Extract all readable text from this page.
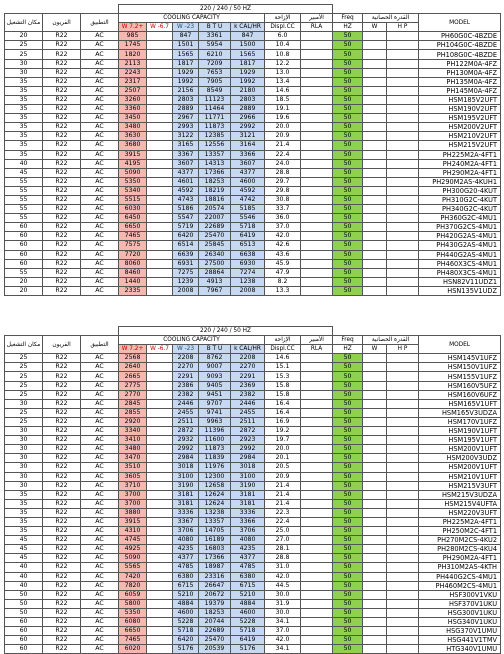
			220 / 240 / 50 HZ										
مكان التشغيل	الفريون	التطبيق	COOLING CAPACITY					الإزاحة	الأمبير	Freq	القدرة الحصانية		MODEL
			W 7.2+	W -6.7	W -23	B T U	k CAL/HR	Displ.CC	RLA	HZ	W	H P	
20	R22	AC	985		847	3361	847	6.0		50			PH60G0C-4BZDE
25	R22	AC	1745		1501	5954	1500	10.4		50			PH104G0C-4BZDE
25	R22	AC	1820		1565	6210	1565	10.8		50			PH108G0C-4BZDE
30	R22	AC	2113		1817	7209	1817	12.2		50			PH122M0A-4FZ
30	R22	AC	2243		1929	7653	1929	13.0		50			PH130M0A-4FZ
35	R22	AC	2317		1992	7905	1992	13.4		50			PH135M0A-4FZ
35	R22	AC	2507		2156	8549	2180	14.6		50			PH145M0A-4FZ
35	R22	AC	3260		2803	11123	2803	18.5		50			HSM185V2UFT
35	R22	AC	3360		2889	11464	2889	19.1		50			HSM190V2UFT
35	R22	AC	3450		2967	11771	2966	19.6		50			HSM195V2UFT
35	R22	AC	3480		2993	11873	2992	20.0		50			HSM200V2UFT
35	R22	AC	3630		3122	12385	3121	20.9		50			HSM210V2UFT
35	R22	AC	3680		3165	12556	3164	21.4		50			HSM215V2UFT
35	R22	AC	3915		3367	13357	3366	22.4		50			PH225M2A-4FT1
40	R22	AC	4195		3607	14313	3607	24.0		50			PH240M2A-4FT1
45	R22	AC	5090		4377	17366	4377	28.8		50			PH290M2A-4FT1
55	R22	AC	5350		4601	18253	4600	29.7		50			PH290M2AS-4KUH1
55	R22	AC	5340		4592	18219	4592	29.8		50			PH300G20-4KUT
55	R22	AC	5515		4743	18816	4742	30.8		50			PH310G2C-4KUT
55	R22	AC	6030		5186	20574	5185	33.7		50			PH340G2C-4KUT
55	R22	AC	6450		5547	22007	5546	36.0		50			PH360G2C-4MU1
60	R22	AC	6650		5719	22689	5718	37.0		50			PH370G2CS-4MU1
60	R22	AC	7465		6420	25470	6419	42.0		50			PH420G2AS-4MU1
60	R22	AC	7575		6514	25845	6513	42.6		50			PH430G2AS-4MU1
60	R22	AC	7720		6639	26340	6638	43.6		50			PH440G2AS-4MU1
60	R22	AC	8060		6931	27500	6930	45.9		50			PH460X3CS-4MU1
55	R22	AC	8460		7275	28864	7274	47.9		50			PH480X3CS-4MU1
20	R22	AC	1440		1239	4913	1238	8.2		50			HSN82V11UDZ1
20	R22	AC	2335		2008	7967	2008	13.3		50			HSN135V1UDZ
			220 / 240 / 50 HZ										
مكان التشغيل	الفريون	التطبيق	COOLING CAPACITY					الإزاحة	الأمبير	Freq	القدرة الحصانية		MODEL
			W 7.2+	W -6.7	W -23	B T U	k CAL/HR	Displ.CC	RLA	HZ	W	H P	
25	R22	AC	2568		2208	8762	2208	14.6		50			HSM145V1UFZ
25	R22	AC	2640		2270	9007	2270	15.1		50			HSM150V1UFZ
25	R22	AC	2665		2291	9093	2291	15.3		50			HSM155V1UFZ
25	R22	AC	2775		2386	9405	2369	15.8		50			HSM160V5UFZ
25	R22	AC	2770		2382	9451	2382	15.8		50			HSM160V6UFZ
30	R22	AC	2845		2446	9707	2446	16.4		50			HSM165V1UFT
25	R22	AC	2855		2455	9741	2455	16.4		50			HSM165V3UDZA
25	R22	AC	2920		2511	9963	2511	16.9		50			HSM170V1UFZ
30	R22	AC	3340		2872	11396	2872	19.2		50			HSM190V1UFT
30	R22	AC	3410		2932	11600	2923	19.7		50			HSM195V1UFT
30	R22	AC	3480		2992	11873	2992	20.0		50			HSM200V1UFT
30	R22	AC	3470		2984	11839	2984	20.1		50			HSM200V3UDZ
30	R22	AC	3510		3018	11976	3018	20.5		50			HSM200V1UFT
30	R22	AC	3605		3100	12300	3100	20.9		50			HSM210V1UFT
30	R22	AC	3710		3190	12658	3190	21.4		50			HSM215V3UFT
35	R22	AC	3700		3181	12624	3181	21.4		50			HSM215V3UDZA
35	R22	AC	3700		3181	12624	3181	21.4		50			HSM215V4UFTA
35	R22	AC	3880		3336	13238	3336	22.3		50			HSM220V3UFT
35	R22	AC	3915		3367	13357	3366	22.4		50			PH225M2A-4FT1
35	R22	AC	4310		3706	14705	3706	25.0		50			PH250M2C-4FT1
45	R22	AC	4745		4080	16189	4080	27.0		50			PH270M2CS-4KU2
45	R22	AC	4925		4235	16803	4235	28.1		50			PH280M2CS-4KU4
45	R22	AC	5090		4377	17366	4377	28.8		50			PH290M2A-4FT1
40	R22	AC	5565		4785	18987	4785	31.0		50			PH310M2AS-4KTH
40	R22	AC	7420		6380	23316	6380	42.0		50			PH440G2CS-4MU1
40	R22	AC	7820		6715	26647	6715	44.5		50			PH460M2CS-4MU1
50	R22	AC	6059		5210	20672	5210	30.0		50			HSF300V1VKU
50	R22	AC	5800		4884	19379	4884	31.9		50			HSF370V1UKU
50	R22	AC	5350		4600	18253	4600	30.0		50			HSG300V1UKU
60	R22	AC	6080		5228	20744	5228	34.1		50			HSG340V1UKU
60	R22	AC	6650		5718	22689	5718	37.0		50			HSG370V1UMU
60	R22	AC	7465		6420	25470	6419	42.0		50			HSG441V1TMV
60	R22	AC	6020		5176	20539	5176	34.1		50			HTG340V1UMU
